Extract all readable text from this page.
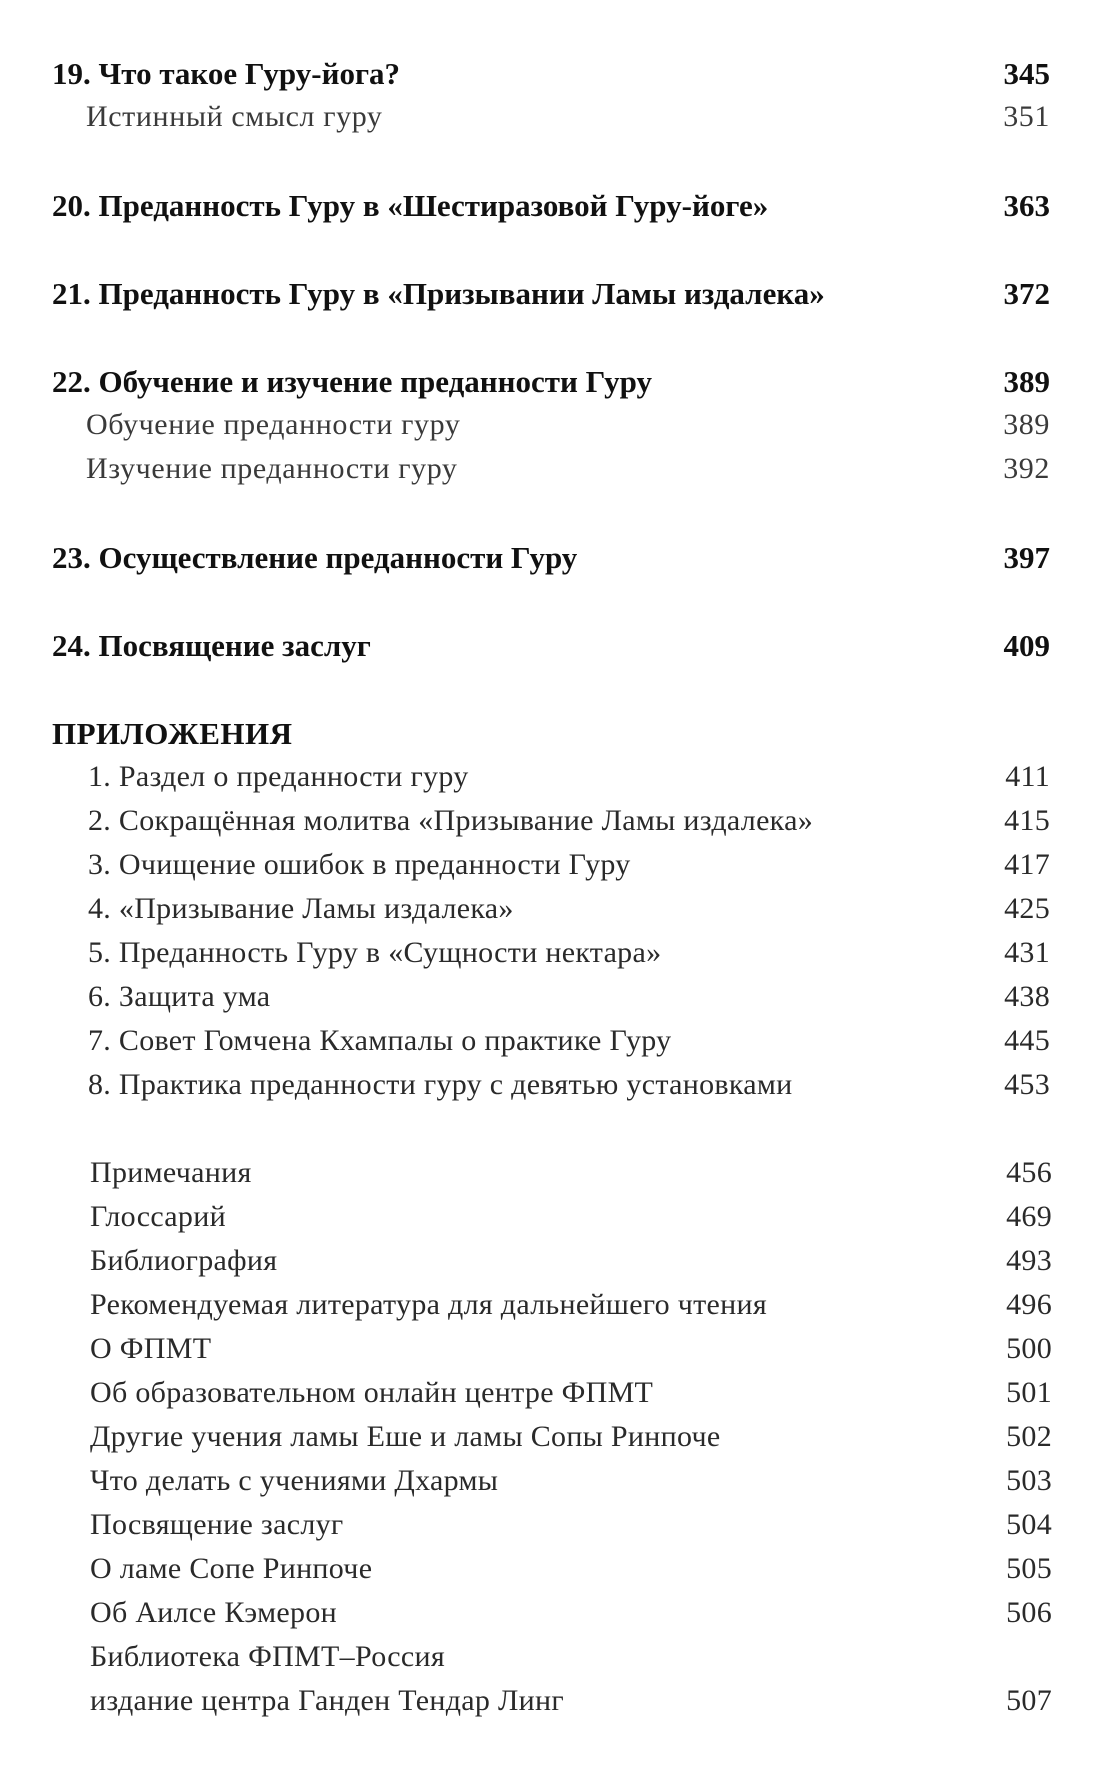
19. Что такое Гуру-йога?	345
Истинный смысл гуру	351
20. Преданность Гуру в «Шестиразовой Гуру-йоге»	363
21. Преданность Гуру в «Призывании Ламы издалека»	372
22. Обучение и изучение преданности Гуру	389
Обучение преданности гуру	389
Изучение преданности гуру	392
23. Осуществление преданности Гуру	397
24. Посвящение заслуг	409
ПРИЛОЖЕНИЯ
1. Раздел о преданности гуру	411
2. Сокращённая молитва «Призывание Ламы издалека»	415
3. Очищение ошибок в преданности Гуру	417
4. «Призывание Ламы издалека»	425
5. Преданность Гуру в «Сущности нектара»	431
6. Защита ума	438
7. Совет Гомчена Кхампалы о практике Гуру	445
8. Практика преданности гуру с девятью установками	453
Примечания	456
Глоссарий	469
Библиография	493
Рекомендуемая литература для дальнейшего чтения	496
О ФПМТ	500
Об образовательном онлайн центре ФПМТ	501
Другие учения ламы Еше и ламы Сопы Ринпоче	502
Что делать с учениями Дхармы	503
Посвящение заслуг	504
О ламе Сопе Ринпоче	505
Об Аилсе Кэмерон	506
Библиотека ФПМТ–Россия
издание центра Ганден Тендар Линг	507
